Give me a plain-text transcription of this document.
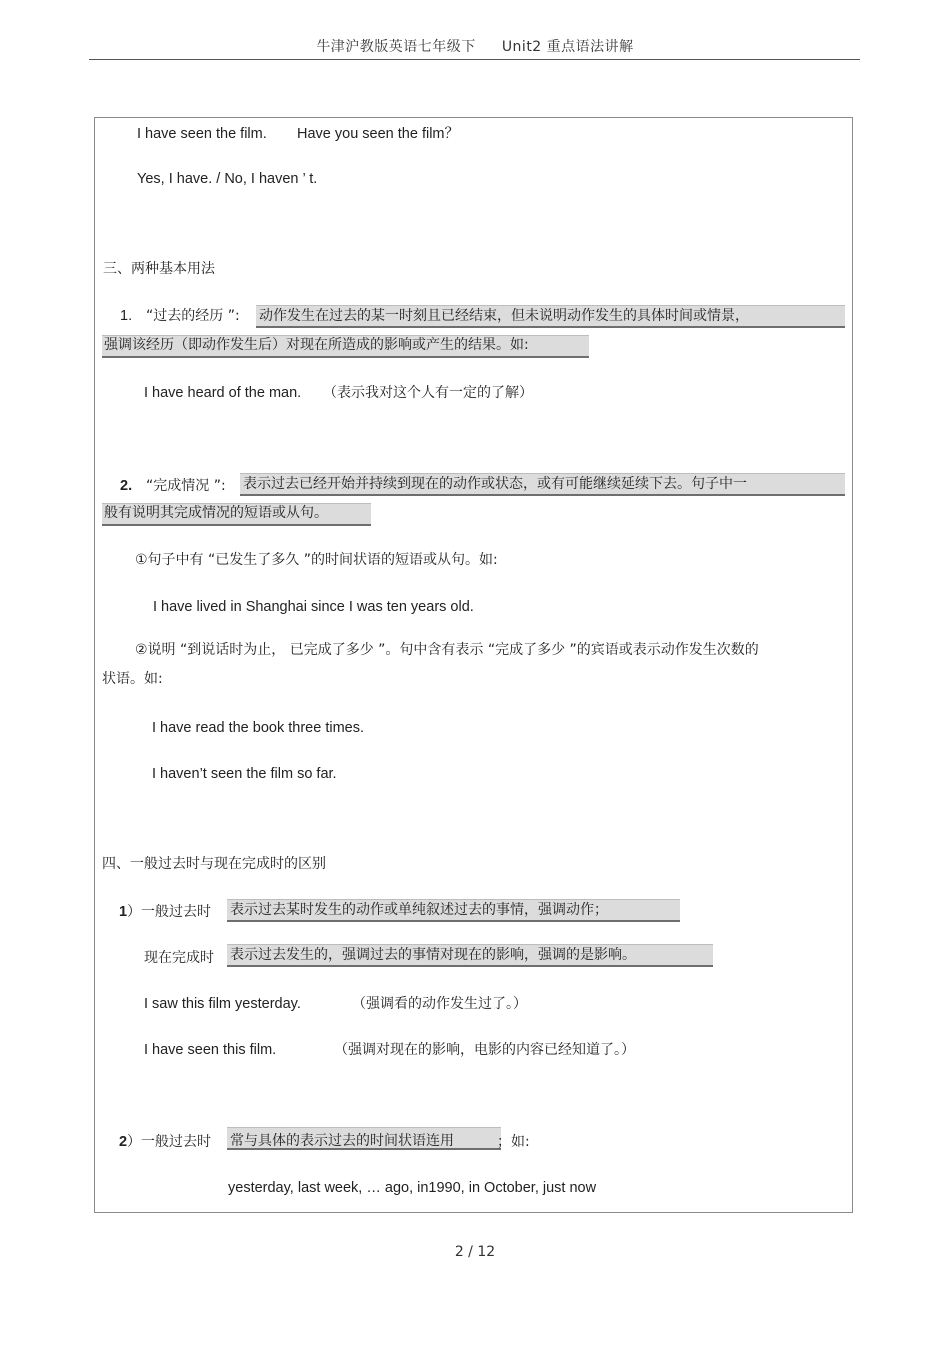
牛津沪教版英语七年级下 Unit2 重点语法讲解
I have seen the film. Have you seen the film？
Yes, I have. / No, I haven ’ t.
三、两种基本用法
1. “过去的经历 ”: 动作发生在过去的某一时刻且已经结束，但未说明动作发生的具体时间或情景，
强调该经历（即动作发生后）对现在所造成的影响或产生的结果。如:
I have heard of the man. （表示我对这个人有一定的了解）
2. “完成情况 ”: 表示过去已经开始并持续到现在的动作或状态，或有可能继续延续下去。句子中一
般有说明其完成情况的短语或从句。
①句子中有 “已发生了多久 ”的时间状语的短语或从句。如:
I have lived in Shanghai since I was ten years old.
②说明 “到说话时为止， 已完成了多少 ”。句中含有表示 “完成了多少 ”的宾语或表示动作发生次数的
状语。如:
I have read the book three times.
I haven’t seen the film so far.
四、一般过去时与现在完成时的区别
1 ）一般过去时 表示过去某时发生的动作或单纯叙述过去的事情，强调动作；
现在完成时 表示过去发生的，强调过去的事情对现在的影响，强调的是影响。
I saw this film yesterday.	（强调看的动作发生过了。）
I have seen this film.	（强调对现在的影响，电影的内容已经知道了。）
2 ）一般过去时 常与具体的表示过去的时间状语连用	；如:
yesterday, last week, … ago, in1990, in October, just now
2 / 12
